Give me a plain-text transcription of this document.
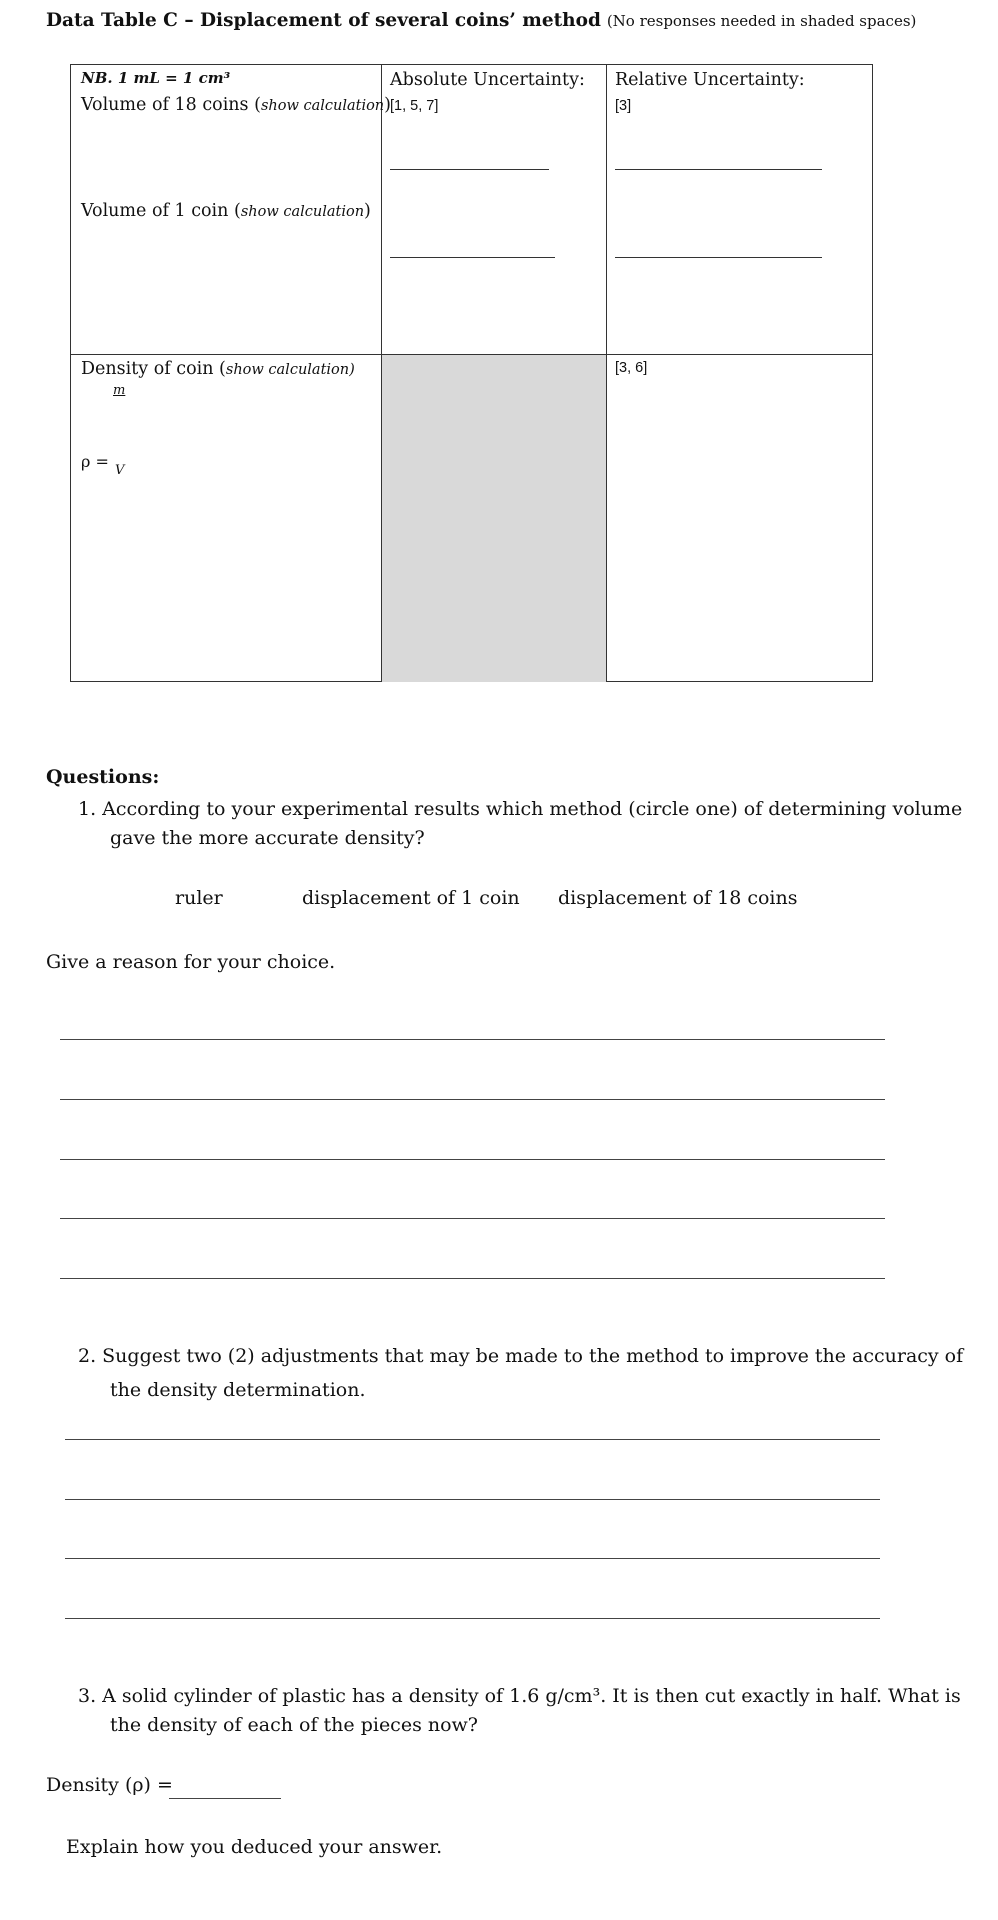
Data Table C – Displacement of several coins’ method (No responses needed in shaded spaces)
NB. 1 mL = 1 cm³
Volume of 18 coins (show calculation)
Volume of 1 coin (show calculation)
Density of coin (show calculation)
m
ρ = V
Absolute Uncertainty:
[1, 5, 7]
Relative Uncertainty:
[3]
[3, 6]
Questions:
1. According to your experimental results which method (circle one) of determining volume
gave the more accurate density?
ruler	displacement of 1 coin displacement of 18 coins
Give a reason for your choice.
2. Suggest two (2) adjustments that may be made to the method to improve the accuracy of
the density determination.
3. A solid cylinder of plastic has a density of 1.6 g/cm³. It is then cut exactly in half. What is
the density of each of the pieces now?
Density (ρ) =
Explain how you deduced your answer.
